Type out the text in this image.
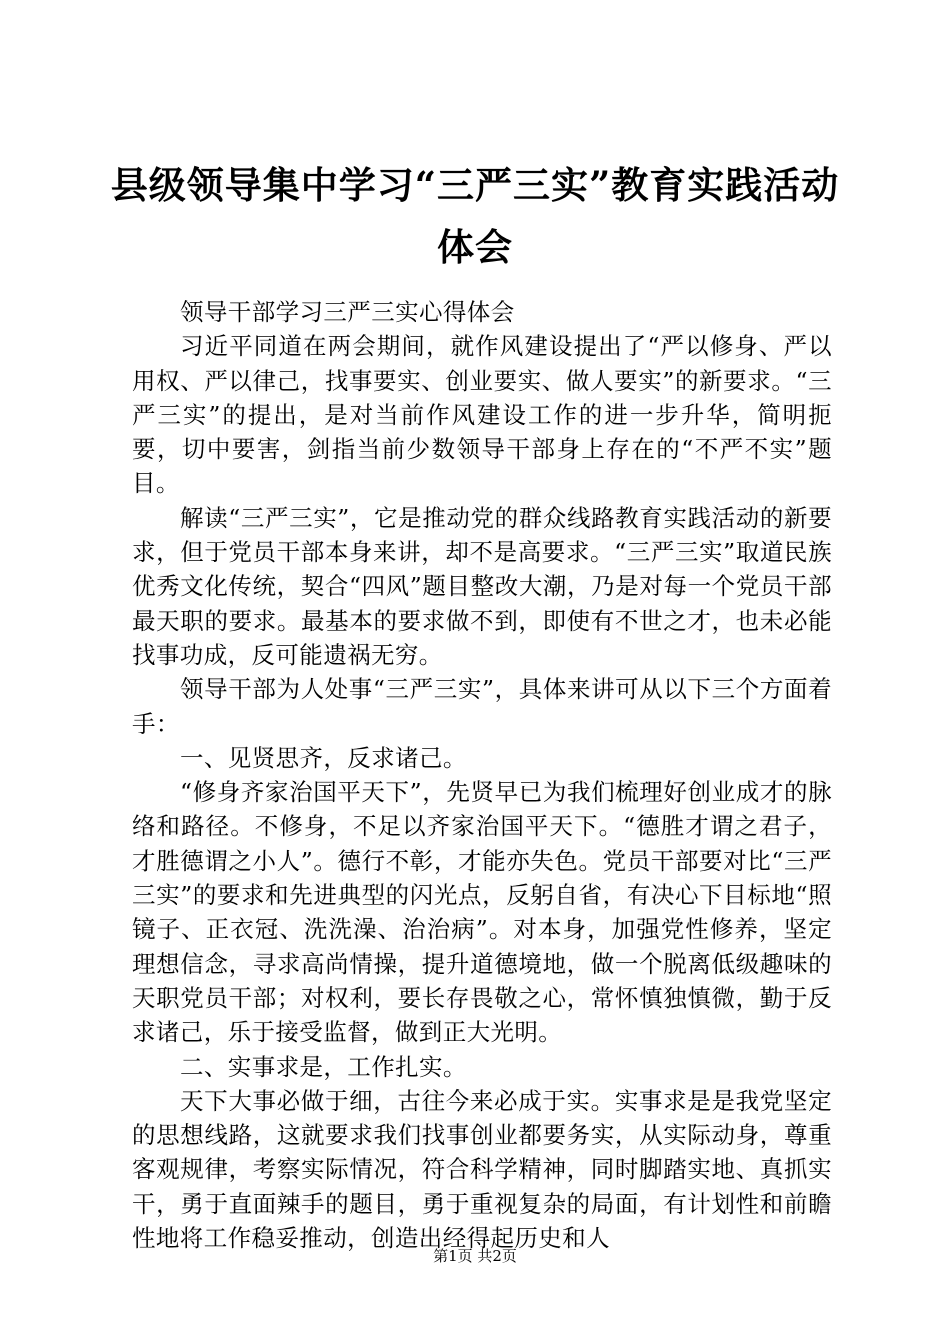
县级领导集中学习“三严三实”教育实践活动
体会

领导干部学习三严三实心得体会

习近平同道在两会期间，就作风建设提出了“严以修身、严以用权、严以律己，找事要实、创业要实、做人要实”的新要求。“三严三实”的提出，是对当前作风建设工作的进一步升华，简明扼要，切中要害，剑指当前少数领导干部身上存在的“不严不实”题目。

解读“三严三实”，它是推动党的群众线路教育实践活动的新要求，但于党员干部本身来讲，却不是高要求。“三严三实”取道民族优秀文化传统，契合“四风”题目整改大潮，乃是对每一个党员干部最天职的要求。最基本的要求做不到，即使有不世之才，也未必能找事功成，反可能遗祸无穷。

领导干部为人处事“三严三实”，具体来讲可从以下三个方面着手：

一、见贤思齐，反求诸己。

“修身齐家治国平天下”，先贤早已为我们梳理好创业成才的脉络和路径。不修身，不足以齐家治国平天下。“德胜才谓之君子，才胜德谓之小人”。德行不彰，才能亦失色。党员干部要对比“三严三实”的要求和先进典型的闪光点，反躬自省，有决心下目标地“照镜子、正衣冠、洗洗澡、治治病”。对本身，加强党性修养，坚定理想信念，寻求高尚情操，提升道德境地，做一个脱离低级趣味的天职党员干部；对权利，要长存畏敬之心，常怀慎独慎微，勤于反求诸己，乐于接受监督，做到正大光明。

二、实事求是，工作扎实。

天下大事必做于细，古往今来必成于实。实事求是是我党坚定的思想线路，这就要求我们找事创业都要务实，从实际动身，尊重客观规律，考察实际情况，符合科学精神，同时脚踏实地、真抓实干，勇于直面辣手的题目，勇于重视复杂的局面，有计划性和前瞻性地将工作稳妥推动，创造出经得起历史和人

第1页 共2页
